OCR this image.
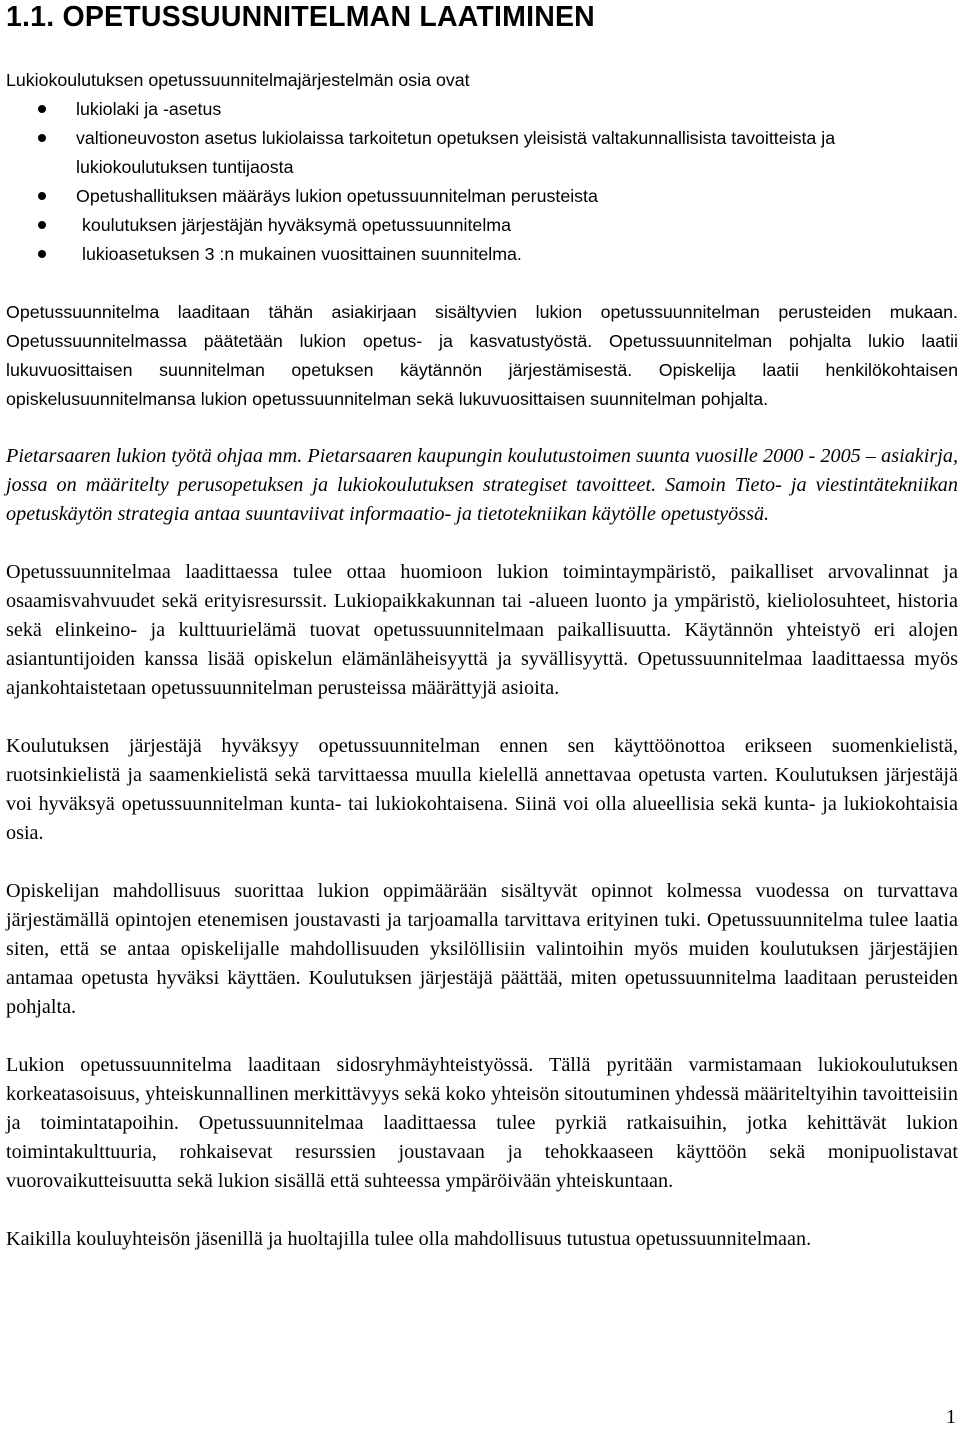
1.1. OPETUSSUUNNITELMAN LAATIMINEN

Lukiokoulutuksen opetussuunnitelmajärjestelmän osia ovat

lukiolaki ja -asetus
valtioneuvoston asetus lukiolaissa tarkoitetun opetuksen yleisistä valtakunnallisista tavoitteista ja lukiokoulutuksen tuntijaosta
Opetushallituksen määräys lukion opetussuunnitelman perusteista
koulutuksen järjestäjän hyväksymä opetussuunnitelma
lukioasetuksen 3 :n mukainen vuosittainen suunnitelma.

Opetussuunnitelma laaditaan tähän asiakirjaan sisältyvien lukion opetussuunnitelman perusteiden mukaan. Opetussuunnitelmassa päätetään lukion opetus- ja kasvatustyöstä. Opetussuunnitelman pohjalta lukio laatii lukuvuosittaisen suunnitelman opetuksen käytännön järjestämisestä. Opiskelija laatii henkilökohtaisen opiskelusuunnitelmansa lukion opetussuunnitelman sekä lukuvuosittaisen suunnitelman pohjalta.

Pietarsaaren lukion työtä ohjaa mm. Pietarsaaren kaupungin koulutustoimen suunta vuosille 2000 - 2005 – asiakirja, jossa on määritelty perusopetuksen ja lukiokoulutuksen strategiset tavoitteet. Samoin Tieto- ja viestintätekniikan opetuskäytön strategia antaa suuntaviivat informaatio- ja tietotekniikan käytölle opetustyössä.

Opetussuunnitelmaa laadittaessa tulee ottaa huomioon lukion toimintaympäristö, paikalliset arvovalinnat ja osaamisvahvuudet sekä erityisresurssit. Lukiopaikkakunnan tai -alueen luonto ja ympäristö, kieliolosuhteet, historia sekä elinkeino- ja kulttuurielämä tuovat opetussuunnitelmaan paikallisuutta. Käytännön yhteistyö eri alojen asiantuntijoiden kanssa lisää opiskelun elämänläheisyyttä ja syvällisyyttä. Opetussuunnitelmaa laadittaessa myös ajankohtaistetaan opetussuunnitelman perusteissa määrättyjä asioita.

Koulutuksen järjestäjä hyväksyy opetussuunnitelman ennen sen käyttöönottoa erikseen suomenkielistä, ruotsinkielistä ja saamenkielistä sekä tarvittaessa muulla kielellä annettavaa opetusta varten. Koulutuksen järjestäjä voi hyväksyä opetussuunnitelman kunta- tai lukiokohtaisena. Siinä voi olla alueellisia sekä kunta- ja lukiokohtaisia osia.

Opiskelijan mahdollisuus suorittaa lukion oppimäärään sisältyvät opinnot kolmessa vuodessa on turvattava järjestämällä opintojen etenemisen joustavasti ja tarjoamalla tarvittava erityinen tuki. Opetussuunnitelma tulee laatia siten, että se antaa opiskelijalle mahdollisuuden yksilöllisiin valintoihin myös muiden koulutuksen järjestäjien antamaa opetusta hyväksi käyttäen. Koulutuksen järjestäjä päättää, miten opetussuunnitelma laaditaan perusteiden pohjalta.

Lukion opetussuunnitelma laaditaan sidosryhmäyhteistyössä. Tällä pyritään varmistamaan lukiokoulutuksen korkeatasoisuus, yhteiskunnallinen merkittävyys sekä koko yhteisön sitoutuminen yhdessä määriteltyihin tavoitteisiin ja toimintatapoihin. Opetussuunnitelmaa laadittaessa tulee pyrkiä ratkaisuihin, jotka kehittävät lukion toimintakulttuuria, rohkaisevat resurssien joustavaan ja tehokkaaseen käyttöön sekä monipuolistavat vuorovaikutteisuutta sekä lukion sisällä että suhteessa ympäröivään yhteiskuntaan.

Kaikilla kouluyhteisön jäsenillä ja huoltajilla tulee olla mahdollisuus tutustua opetussuunnitelmaan.

1
